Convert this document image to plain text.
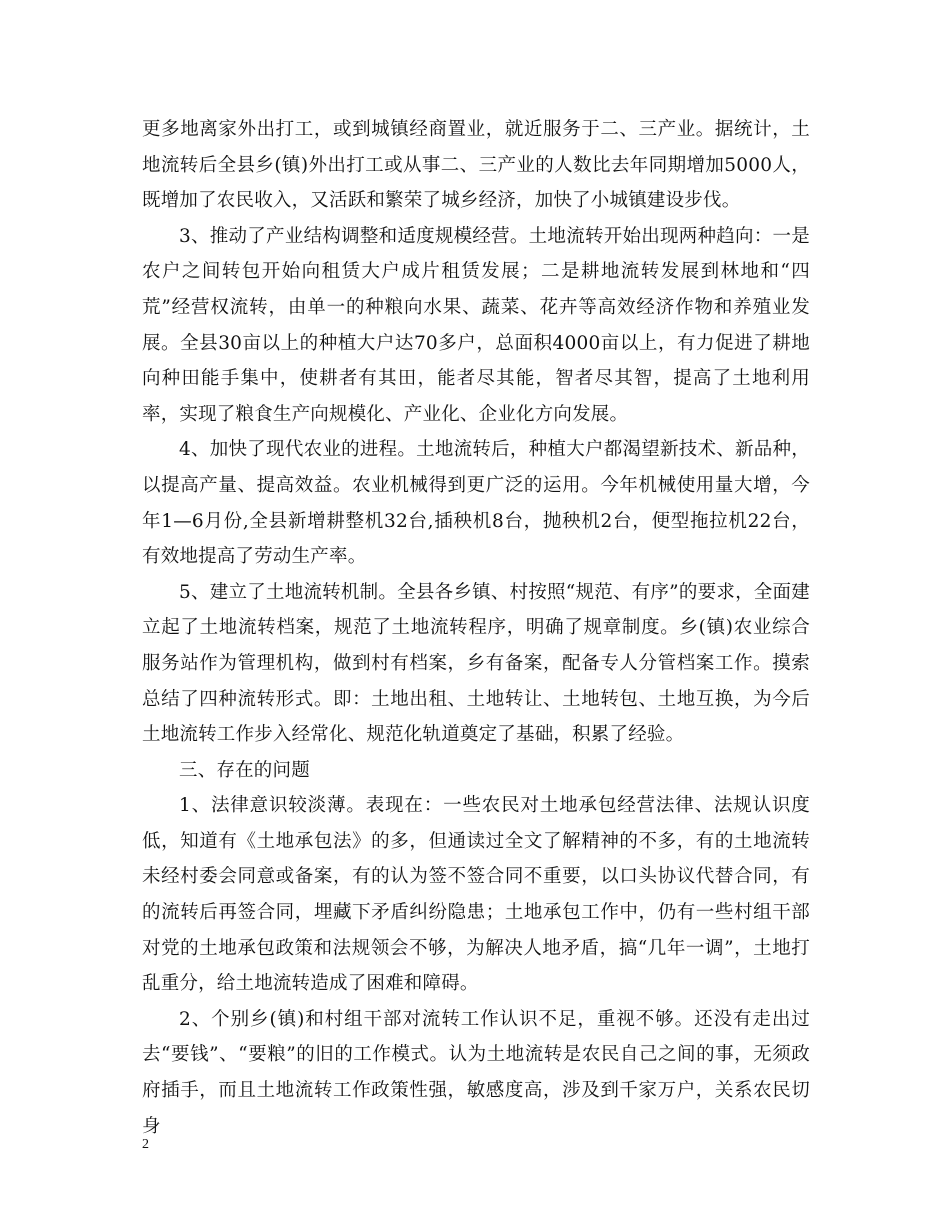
更多地离家外出打工，或到城镇经商置业，就近服务于二、三产业。据统计，土地流转后全县乡(镇)外出打工或从事二、三产业的人数比去年同期增加5000人，既增加了农民收入，又活跃和繁荣了城乡经济，加快了小城镇建设步伐。

3、推动了产业结构调整和适度规模经营。土地流转开始出现两种趋向：一是农户之间转包开始向租赁大户成片租赁发展；二是耕地流转发展到林地和“四荒”经营权流转，由单一的种粮向水果、蔬菜、花卉等高效经济作物和养殖业发展。全县30亩以上的种植大户达70多户，总面积4000亩以上，有力促进了耕地向种田能手集中，使耕者有其田，能者尽其能，智者尽其智，提高了土地利用率，实现了粮食生产向规模化、产业化、企业化方向发展。

4、加快了现代农业的进程。土地流转后，种植大户都渴望新技术、新品种，以提高产量、提高效益。农业机械得到更广泛的运用。今年机械使用量大增，今年1—6月份,全县新增耕整机32台,插秧机8台，抛秧机2台，便型拖拉机22台，有效地提高了劳动生产率。

5、建立了土地流转机制。全县各乡镇、村按照“规范、有序”的要求，全面建立起了土地流转档案，规范了土地流转程序，明确了规章制度。乡(镇)农业综合服务站作为管理机构，做到村有档案，乡有备案，配备专人分管档案工作。摸索总结了四种流转形式。即：土地出租、土地转让、土地转包、土地互换，为今后土地流转工作步入经常化、规范化轨道奠定了基础，积累了经验。

三、存在的问题

1、法律意识较淡薄。表现在：一些农民对土地承包经营法律、法规认识度低，知道有《土地承包法》的多，但通读过全文了解精神的不多，有的土地流转未经村委会同意或备案，有的认为签不签合同不重要，以口头协议代替合同，有的流转后再签合同，埋藏下矛盾纠纷隐患；土地承包工作中，仍有一些村组干部对党的土地承包政策和法规领会不够，为解决人地矛盾，搞“几年一调”，土地打乱重分，给土地流转造成了困难和障碍。

2、个别乡(镇)和村组干部对流转工作认识不足，重视不够。还没有走出过去“要钱”、“要粮”的旧的工作模式。认为土地流转是农民自己之间的事，无须政府插手，而且土地流转工作政策性强，敏感度高，涉及到千家万户，关系农民切身

2
